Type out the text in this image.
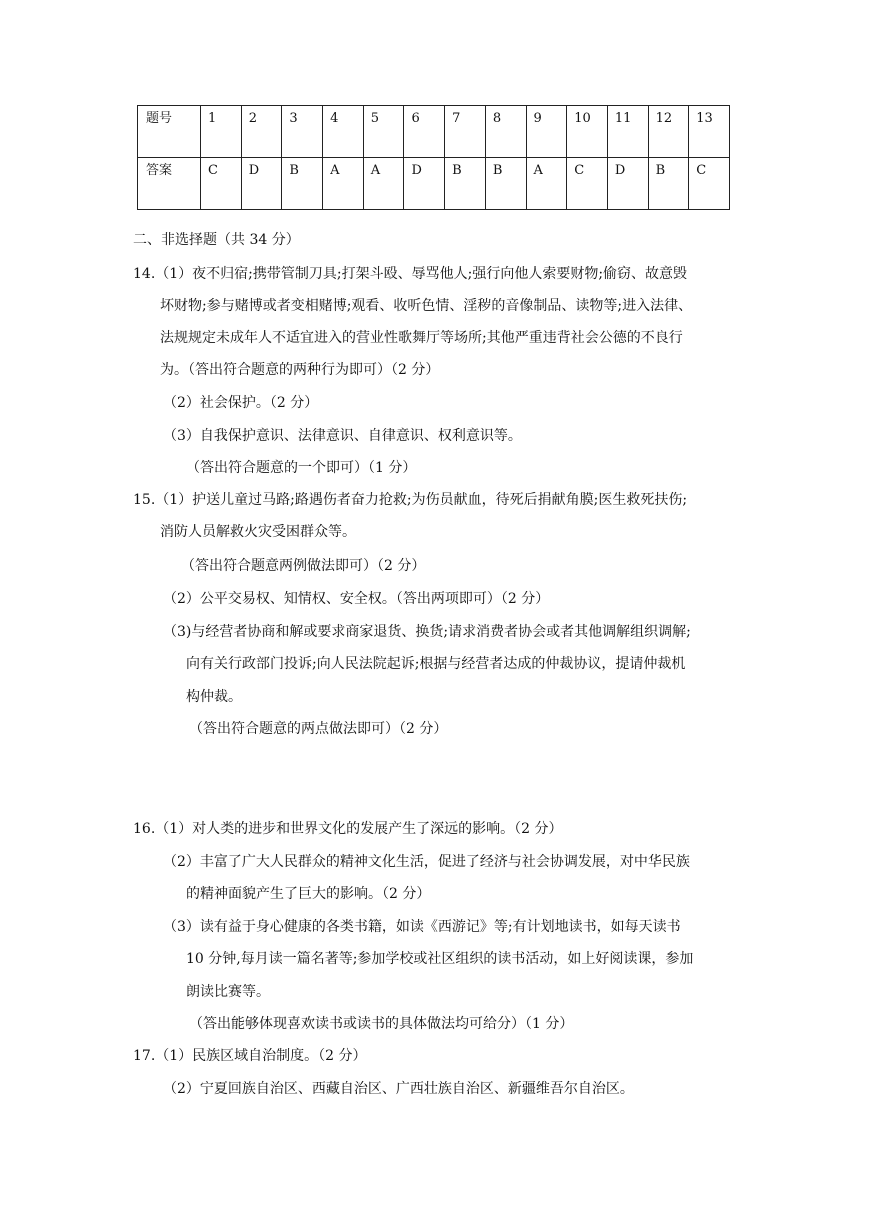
题号	1	2	3	4	5	6	7	8	9	10	11	12	13
答案	C	D	B	A	A	D	B	B	A	C	D	B	C
二、非选择题（共 34 分）
14.（1）夜不归宿;携带管制刀具;打架斗殴、辱骂他人;强行向他人索要财物;偷窃、故意毁
坏财物;参与赌博或者变相赌博;观看、收听色情、淫秽的音像制品、读物等;进入法律、
法规规定未成年人不适宜进入的营业性歌舞厅等场所;其他严重违背社会公德的不良行
为。（答出符合题意的两种行为即可）（2 分）
（2）社会保护。（2 分）
（3）自我保护意识、法律意识、自律意识、权利意识等。
（答出符合题意的一个即可）（1 分）
15.（1）护送儿童过马路;路遇伤者奋力抢救;为伤员献血，待死后捐献角膜;医生救死扶伤;
消防人员解救火灾受困群众等。
（答出符合题意两例做法即可）（2 分）
（2）公平交易权、知情权、安全权。（答出两项即可）（2 分）
（3)与经营者协商和解或要求商家退货、换货;请求消费者协会或者其他调解组织调解;
向有关行政部门投诉;向人民法院起诉;根据与经营者达成的仲裁协议，提请仲裁机
构仲裁。
（答出符合题意的两点做法即可）（2 分）
16.（1）对人类的进步和世界文化的发展产生了深远的影响。（2 分）
（2）丰富了广大人民群众的精神文化生活，促进了经济与社会协调发展，对中华民族
的精神面貌产生了巨大的影响。（2 分）
（3）读有益于身心健康的各类书籍，如读《西游记》等;有计划地读书，如每天读书
10 分钟,每月读一篇名著等;参加学校或社区组织的读书活动，如上好阅读课，参加
朗读比赛等。
（答出能够体现喜欢读书或读书的具体做法均可给分）（1 分）
17.（1）民族区域自治制度。（2 分）
（2）宁夏回族自治区、西藏自治区、广西壮族自治区、新疆维吾尔自治区。
